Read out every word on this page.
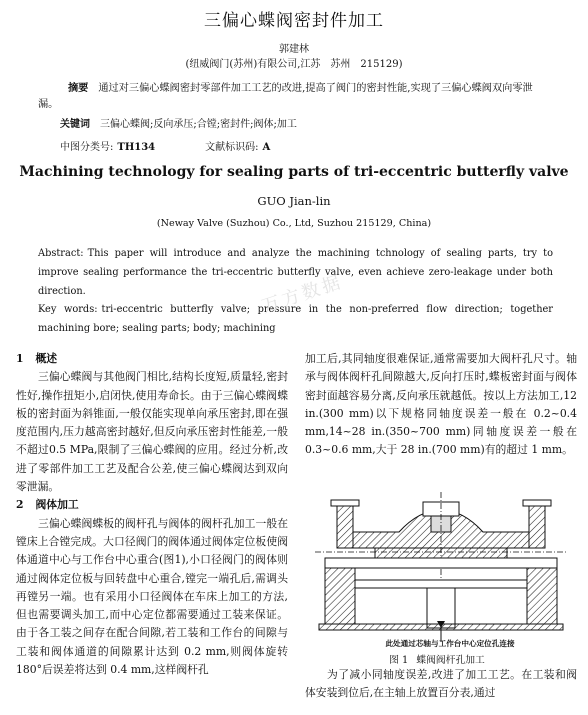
三偏心蝶阀密封件加工
郭建林
(纽威阀门(苏州)有限公司,江苏　苏州　215129)
摘要 通过对三偏心蝶阀密封零部件加工工艺的改进,提高了阀门的密封性能,实现了三偏心蝶阀双向零泄漏。
关键词 三偏心蝶阀;反向承压;合镗;密封件;阀体;加工
中图分类号: TH134	文献标识码: A
Machining technology for sealing parts of tri-eccentric butterfly valve
GUO Jian-lin
(Neway Valve (Suzhou) Co., Ltd, Suzhou 215129, China)
Abstract: This paper will introduce and analyze the machining tchnology of sealing parts, try to improve sealing performance the tri-eccentric butterfly valve, even achieve zero-leakage under both direction.
Key words: tri-eccentric butterfly valve; pressure in the non-preferred flow direction; together machining bore; sealing parts; body; machining
万方数据
1 概述
三偏心蝶阀与其他阀门相比,结构长度短,质量轻,密封性好,操作扭矩小,启闭快,使用寿命长。由于三偏心蝶阀蝶板的密封面为斜锥面,一般仅能实现单向承压密封,即在强度范围内,压力越高密封越好,但反向承压密封性能差,一般不超过0.5 MPa,限制了三偏心蝶阀的应用。经过分析,改进了零部件加工工艺及配合公差,使三偏心蝶阀达到双向零泄漏。
2 阀体加工
三偏心蝶阀蝶板的阀杆孔与阀体的阀杆孔加工一般在镗床上合镗完成。大口径阀门的阀体通过阀体定位板使阀体通道中心与工作台中心重合(图1),小口径阀门的阀体则通过阀体定位板与回转盘中心重合,镗完一端孔后,需调头再镗另一端。也有采用小口径阀体在车床上加工的方法,但也需要调头加工,而中心定位都需要通过工装来保证。由于各工装之间存在配合间隙,若工装和工作台的间隙与工装和阀体通道的间隙累计达到 0.2 mm,则阀体旋转 180°后误差将达到 0.4 mm,这样阀杆孔
加工后,其同轴度很难保证,通常需要加大阀杆孔尺寸。轴承与阀体阀杆孔间隙越大,反向打压时,蝶板密封面与阀体密封面越容易分离,反向承压就越低。按以上方法加工,12 in.(300 mm)以下规格同轴度误差一般在 0.2~0.4 mm,14~28 in.(350~700 mm)同轴度误差一般在 0.3~0.6 mm,大于 28 in.(700 mm)有的超过 1 mm。
此处通过芯轴与工作台中心定位孔连接
图 1 蝶阀阀杆孔加工
为了减小同轴度误差,改进了加工工艺。在工装和阀体安装到位后,在主轴上放置百分表,通过
